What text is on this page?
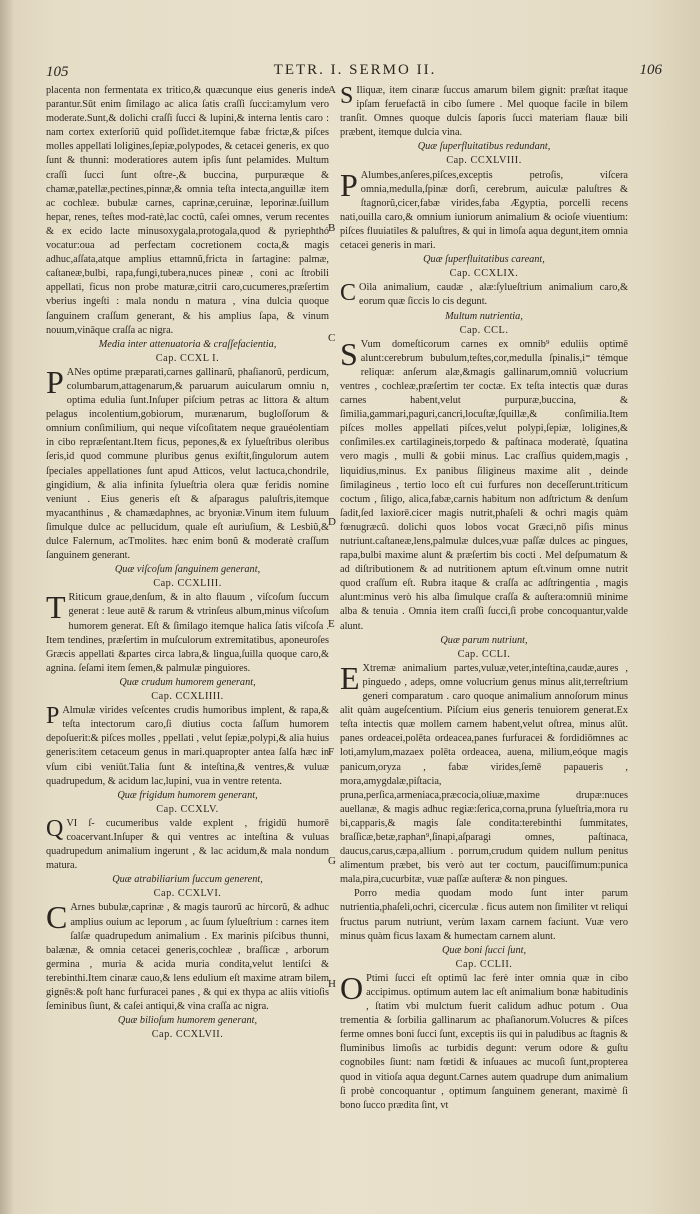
105	TETR. I. SERMO II.	106
A
B
C
D
E
F
G
H

placenta non fermentata ex tritico,& quæcunque eius generis inde parantur.Sūt enim ſimilago ac alica ſatis craſſi ſucci:amylum vero moderate.Sunt,& dolichi craſſi ſucci & lupini,& interna lentis caro : nam cortex exterſoriũ quid poſſidet.itemque fabæ frictæ,& piſces molles appellati loligines,ſepiæ,polypodes, & cetacei generis, ex quo ſunt & thunni: moderatiores autem ipſis ſunt pelamides. Multum craſſi ſucci ſunt oſtre-,& buccina, purpuræque & chamæ,patellæ,pectines,pinnæ,& omnia teſta intecta,anguillæ item ac cochleæ. bubulæ carnes, caprinæ,ceruinæ, leporinæ.ſuillum hepar, renes, teſtes mod-ratè,lac coctũ, caſei omnes, verum recentes & ex ecido lacte minusoxygala,protogala,quod & pyriephthó vocatur:oua ad perfectam cocretionem cocta,& magis adhuc,aſſata,atque amplius ettamnũ,fricta in ſartagine: palmæ, caſtaneæ,bulbi, rapa,fungi,tubera,nuces pineæ , coni ac ſtrobili appellati, ficus non probe maturæ,citrii caro,cucumeres,præſertim vberius ingeſti : mala nondu n matura , vina dulcia quoque ſanguinem craſſum generant, & his amplius ſapa, & vinum nouum,vināque craſſa ac nigra.

Media inter attenuatoria & craſſefacientia,

Cap. CCXL I.

P ANes optime præparati,carnes gallinarũ, phaſianorũ, perdicum, columbarum,attagenarum,& paruarum auicularum omniu n, optima edulia ſunt.Inſuper piſcium petras ac littora & altum pelagus incolentium,gobiorum, murænarum, bugloſſorum & omnium conſimilium, qui neque viſcoſitatem neque grauéolentiam in cibo repræſentant.Item ficus, pepones,& ex ſylueſtribus oleribus ſeris,id quod commune pluribus genus exiſtit,ſingulorum autem ſpeciales appellationes ſunt apud Atticos, velut lactuca,chondrile, gingidium, & alia infinita ſylueſtria olera quæ feridis nomine veniunt . Eius generis eſt & aſparagus paluſtris,itemque myacanthinus , & chamædaphnes, ac bryoniæ.Vinum item fuluum ſimulque dulce ac pellucidum, quale eſt auriuſium, & Lesbiũ,& dulce Falernum, acTmolites. hæc enim bonũ & moderatè craſſum ſanguinem generant.

Quæ viſcoſum ſanguinem generant,

Cap. CCXLIII.

T Riticum graue,denſum, & in alto flauum , viſcoſum ſuccum generat : leue autē & rarum & vtrinſeus album,minus viſcoſum humorem generat. Eſt & ſimilago itemque halica ſatis viſcoſa . Item tendines, præſertim in muſculorum extremitatibus, aponeuroſes Græcis appellati &partes circa labra,& lingua,ſuilla quoque caro,& agnina. ſeſami item ſemen,& palmulæ pinguiores.

Quæ crudum humorem generant,

Cap. CCXLIIII.

P Almulæ virides veſcentes crudis humoribus implent, & rapa,& teſta intectorum caro,ſi diutius cocta ſaſſum humorem depoſuerit:& piſces molles , ppellati , velut ſepiæ,polypi,& alia huius generis:item cetaceum genus in mari.quapropter antea ſalſa hæc in vſum cibi veniūt.Talia ſunt & inteſtina,& ventres,& vuluæ quadrupedum, & acidum lac,lupini, vua in ventre retenta.

Quæ frigidum humorem generant,

Cap. CCXLV.

QVI ſ- cucumeribus valde explent , frigidū humorē coacervant.Inſuper & qui ventres ac inteſtina & vuluas quadrupedum animalium ingerunt , & lac acidum,& mala nondum matura.

Quæ atrabiliarium ſuccum generent,

Cap. CCXLVI.

C Arnes bubulæ,caprinæ , & magis taurorũ ac hircorũ, & adhuc amplius ouium ac leporum , ac ſuum ſylueſtrium : carnes item ſalſæ quadrupedum animalium . Ex marinis piſcibus thunni, balænæ, & omnia cetacei generis,cochleæ , braſſicæ , arborum germina , muria & acida muria condita,velut lentiſci & terebinthi.Item cinaræ cauo,& lens edulium eſt maxime atram bilem gignēs:& poſt hanc furfuracei panes , & qui ex thypa ac aliis vitioſis ſeminibus ſiunt, & caſei antiqui,& vina craſſa ac nigra.

Quæ bilioſum humorem generant,

Cap. CCXLVII.

S Iliquæ, item cinaræ ſuccus amarum bilem gignit: præſtat itaque ipſam feruefactā in cibo ſumere . Mel quoque facile in bilem tranſit. Omnes quoque dulcis ſaporis ſucci materiam flauæ bili præbent, itemque dulcia vina.

Quæ ſuperfluitatibus redundant,

Cap. CCXLVIII.

P Alumbes,anſeres,piſces,exceptis petroſis, viſcera omnia,medulla,ſpinæ dorſi, cerebrum, auiculæ paluſtres & ſtagnorũ,cicer,fabæ virides,faba Ægyptia, porcelli recens nati,ouilla caro,& omnium iuniorum animalium & ocioſe viuentium: piſces fluuiatiles & paluſtres, & qui in limoſa aqua degunt,item omnia cetacei generis in mari.

Quæ ſuperfluitatibus careant,

Cap. CCXLIX.

C Oila animalium, caudæ , alæ:ſylueſtrium animalium caro,& eorum quæ ſiccis lo cis degunt.

Multum nutrientia,

Cap. CCL.

S Vum domeſticorum carnes ex omnib⁹ eduliis optimē alunt:cerebrum bubulum,teſtes,cor,medulla ſpinalis,i⁼ témque reliquæ: anſerum alæ,&magis gallinarum,omniũ volucrium ventres , cochleæ,præſertim ter coctæ. Ex teſta intectis quæ duras carnes habent,velut purpuræ,buccina, & ſimilia,gammari,paguri,cancri,locuſtæ,ſquillæ,& conſimilia.Item piſces molles appellati piſces,velut polypi,ſepiæ, loligines,& conſimiles.ex cartilagineis,torpedo & paſtinaca moderatè, ſquatina vero magis , mulli & gobii minus. Lac craſſius quidem,magis , liquidius,minus. Ex panibus ſiligineus maxime alit , deinde ſimilagineus , tertio loco eſt cui furfures non deceſſerunt.triticum coctum , ſiligo, alica,fabæ,carnis habitum non adſtrictum & denſum ſadit,ſed laxiorē.cicer magis nutrit,phaſeli & ochri magis quàm fœnugræcũ. dolichi quos lobos vocat Græci,nō piſis minus nutriunt.caſtaneæ,lens,palmulæ dulces,vuæ paſſæ dulces ac pingues, rapa,bulbi maxime alunt & præſertim bis cocti . Mel deſpumatum & ad diſtributionem & ad nutritionem aptum eſt.vinum omne nutrit quod craſſum eſt. Rubra itaque & craſſa ac adſtringentia , magis alunt:minus verò his alba ſimulque craſſa & auſtera:omniū minime alba & tenuia . Omnia item craſſi ſucci,ſi probe concoquantur,valde alunt.

Quæ parum nutriunt,

Cap. CCLI.

E Xtremæ animalium partes,vuluæ,veter,inteſtina,caudæ,aures , pinguedo , adeps, omne volucrium genus minus alit,terreſtrium generi comparatum . caro quoque animalium annoſorum minus alit quàm augeſcentium. Piſcium eius generis tenuiorem generat.Ex teſta intectis quæ mollem carnem habent,velut oſtrea, minus alūt. panes ordeacei,polēta ordeacea,panes furfuracei & fordidiōmnes ac loti,amylum,mazaex polēta ordeacea, auena, milium,eóque magis panicum,oryza , fabæ virides,ſemē papaueris , mora,amygdalæ,piſtacia, pruna,perſica,armeniaca,præcocia,oliuæ,maxime drupæ:nuces auellanæ, & magis adhuc regiæ:ſerica,corna,pruna ſylueſtria,mora ru bi,capparis,& magis ſale condita:terebinthi ſummitates, braſſicæ,betæ,raphan⁹,ſinapi,aſparagi omnes, paſtinaca, daucus,carus,cæpa,allium . porrum,crudum quidem nullum penitus alimentum præbet, bis verò aut ter coctum, pauciſſimum:punica mala,pira,cucurbitæ, vuæ paſſæ auſteræ & non pingues.

Porro media quodam modo ſunt inter parum nutrientia,phaſeli,ochri, cicerculæ . ficus autem non ſimiliter vt reliqui fructus parum nutriunt, verùm laxam carnem faciunt. Vuæ vero minus quàm ficus laxam & humectam carnem alunt.

Quæ boni ſucci ſunt,

Cap. CCLII.

O Ptimi ſucci eſt optimū lac ferè inter omnia quæ in cibo accipimus. optimum autem lac eſt animalium bonæ habitudinis , ſtatim vbi mulctum fuerit calidum adhuc potum . Oua trementia & ſorbilia gallinarum ac phaſianorum.Volucres & piſces ferme omnes boni ſucci ſunt, exceptis iis qui in paludibus ac ſtagnis & fluminibus limoſis ac turbidis degunt: verum odore & guſtu cognobiles ſiunt: nam fœtidi & inſuaues ac mucoſi ſunt,propterea quod in vitioſa aqua degunt.Carnes autem quadrupe dum animalium ſi probè concoquantur , optimum ſanguinem generant, maximè ſi bono ſucco prædita ſint, vt
